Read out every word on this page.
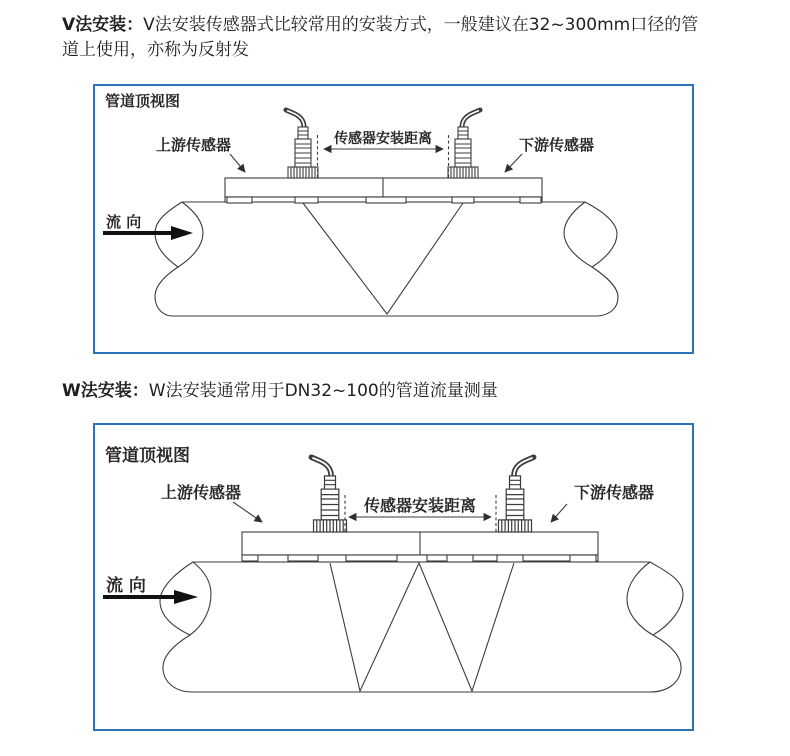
V法安装：V法安装传感器式比较常用的安装方式，一般建议在32~300mm口径的管道上使用，亦称为反射发

管道顶视图
传感器安装距离
上游传感器	下游传感器
流 向

W法安装：W法安装通常用于DN32~100的管道流量测量

管道顶视图
传感器安装距离
上游传感器	下游传感器
流 向
